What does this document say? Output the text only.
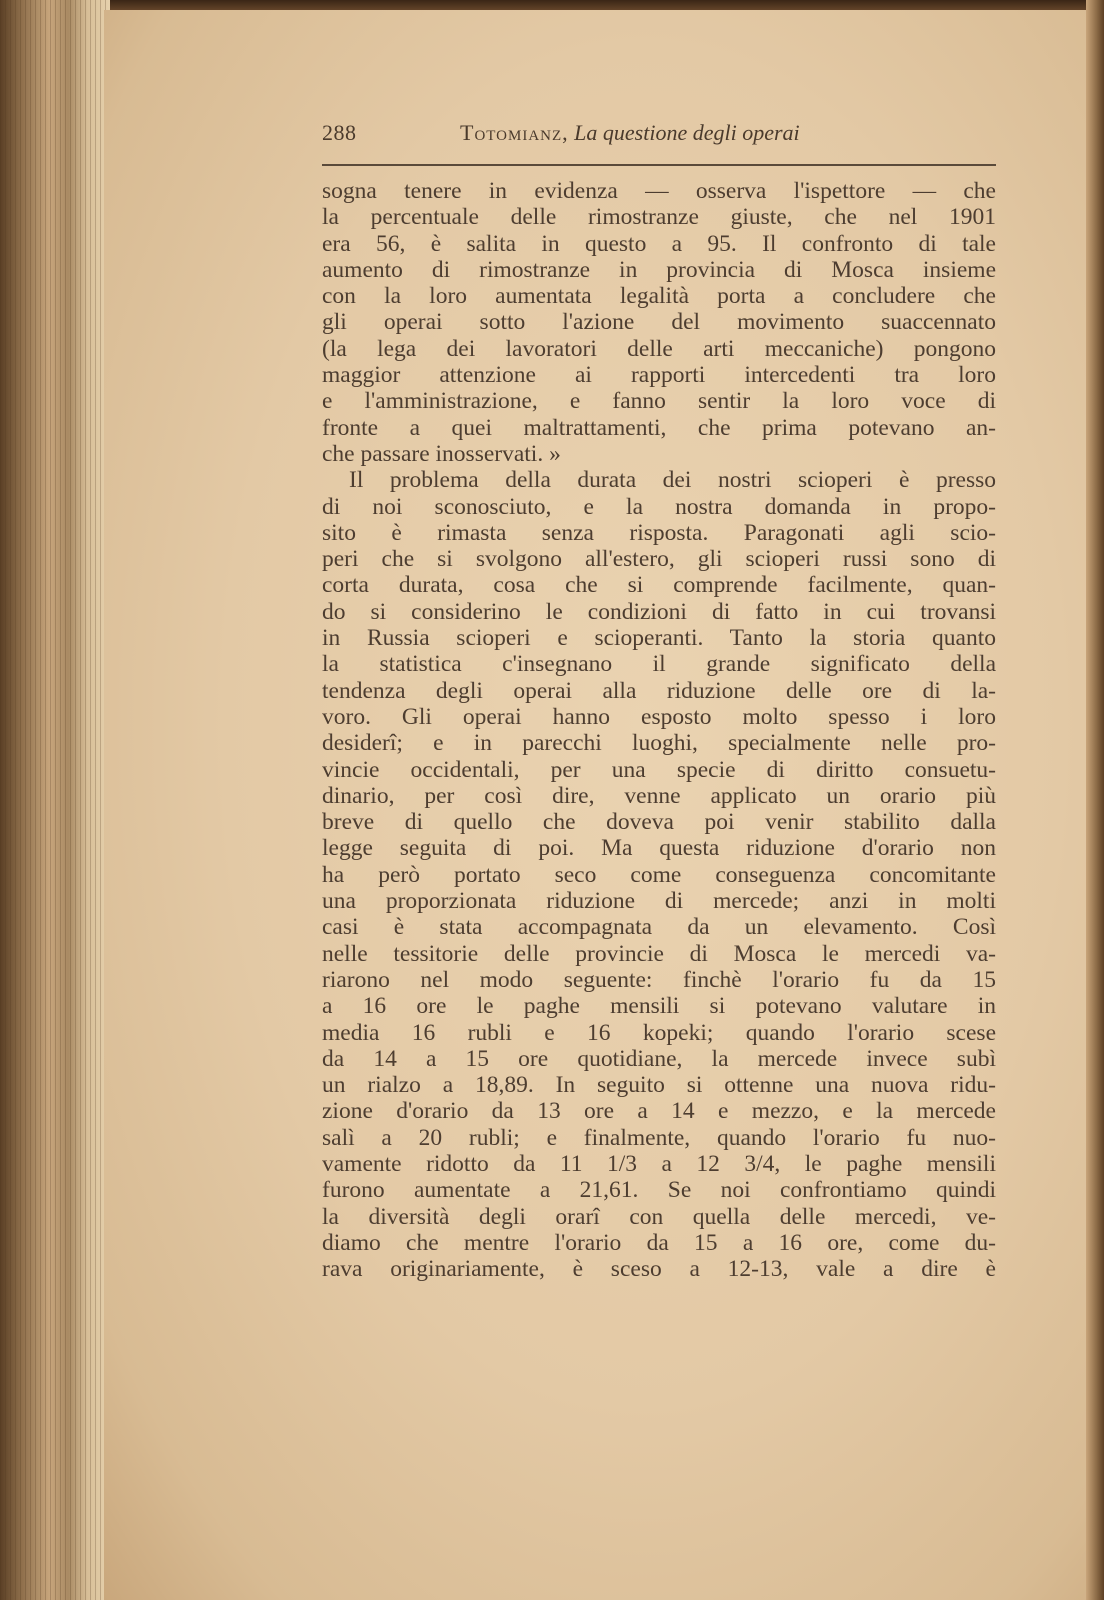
288	Totomianz, La questione degli operai
sogna tenere in evidenza — osserva l'ispettore — che
la percentuale delle rimostranze giuste, che nel 1901
era 56, è salita in questo a 95. Il confronto di tale
aumento di rimostranze in provincia di Mosca insieme
con la loro aumentata legalità porta a concludere che
gli operai sotto l'azione del movimento suaccennato
(la lega dei lavoratori delle arti meccaniche) pongono
maggior attenzione ai rapporti intercedenti tra loro
e l'amministrazione, e fanno sentir la loro voce di
fronte a quei maltrattamenti, che prima potevano an-
che passare inosservati. »
Il problema della durata dei nostri scioperi è presso
di noi sconosciuto, e la nostra domanda in propo-
sito è rimasta senza risposta. Paragonati agli scio-
peri che si svolgono all'estero, gli scioperi russi sono di
corta durata, cosa che si comprende facilmente, quan-
do si considerino le condizioni di fatto in cui trovansi
in Russia scioperi e scioperanti. Tanto la storia quanto
la statistica c'insegnano il grande significato della
tendenza degli operai alla riduzione delle ore di la-
voro. Gli operai hanno esposto molto spesso i loro
desiderî; e in parecchi luoghi, specialmente nelle pro-
vincie occidentali, per una specie di diritto consuetu-
dinario, per così dire, venne applicato un orario più
breve di quello che doveva poi venir stabilito dalla
legge seguita di poi. Ma questa riduzione d'orario non
ha però portato seco come conseguenza concomitante
una proporzionata riduzione di mercede; anzi in molti
casi è stata accompagnata da un elevamento. Così
nelle tessitorie delle provincie di Mosca le mercedi va-
riarono nel modo seguente: finchè l'orario fu da 15
a 16 ore le paghe mensili si potevano valutare in
media 16 rubli e 16 kopeki; quando l'orario scese
da 14 a 15 ore quotidiane, la mercede invece subì
un rialzo a 18,89. In seguito si ottenne una nuova ridu-
zione d'orario da 13 ore a 14 e mezzo, e la mercede
salì a 20 rubli; e finalmente, quando l'orario fu nuo-
vamente ridotto da 11 1/3 a 12 3/4, le paghe mensili
furono aumentate a 21,61. Se noi confrontiamo quindi
la diversità degli orarî con quella delle mercedi, ve-
diamo che mentre l'orario da 15 a 16 ore, come du-
rava originariamente, è sceso a 12-13, vale a dire è
